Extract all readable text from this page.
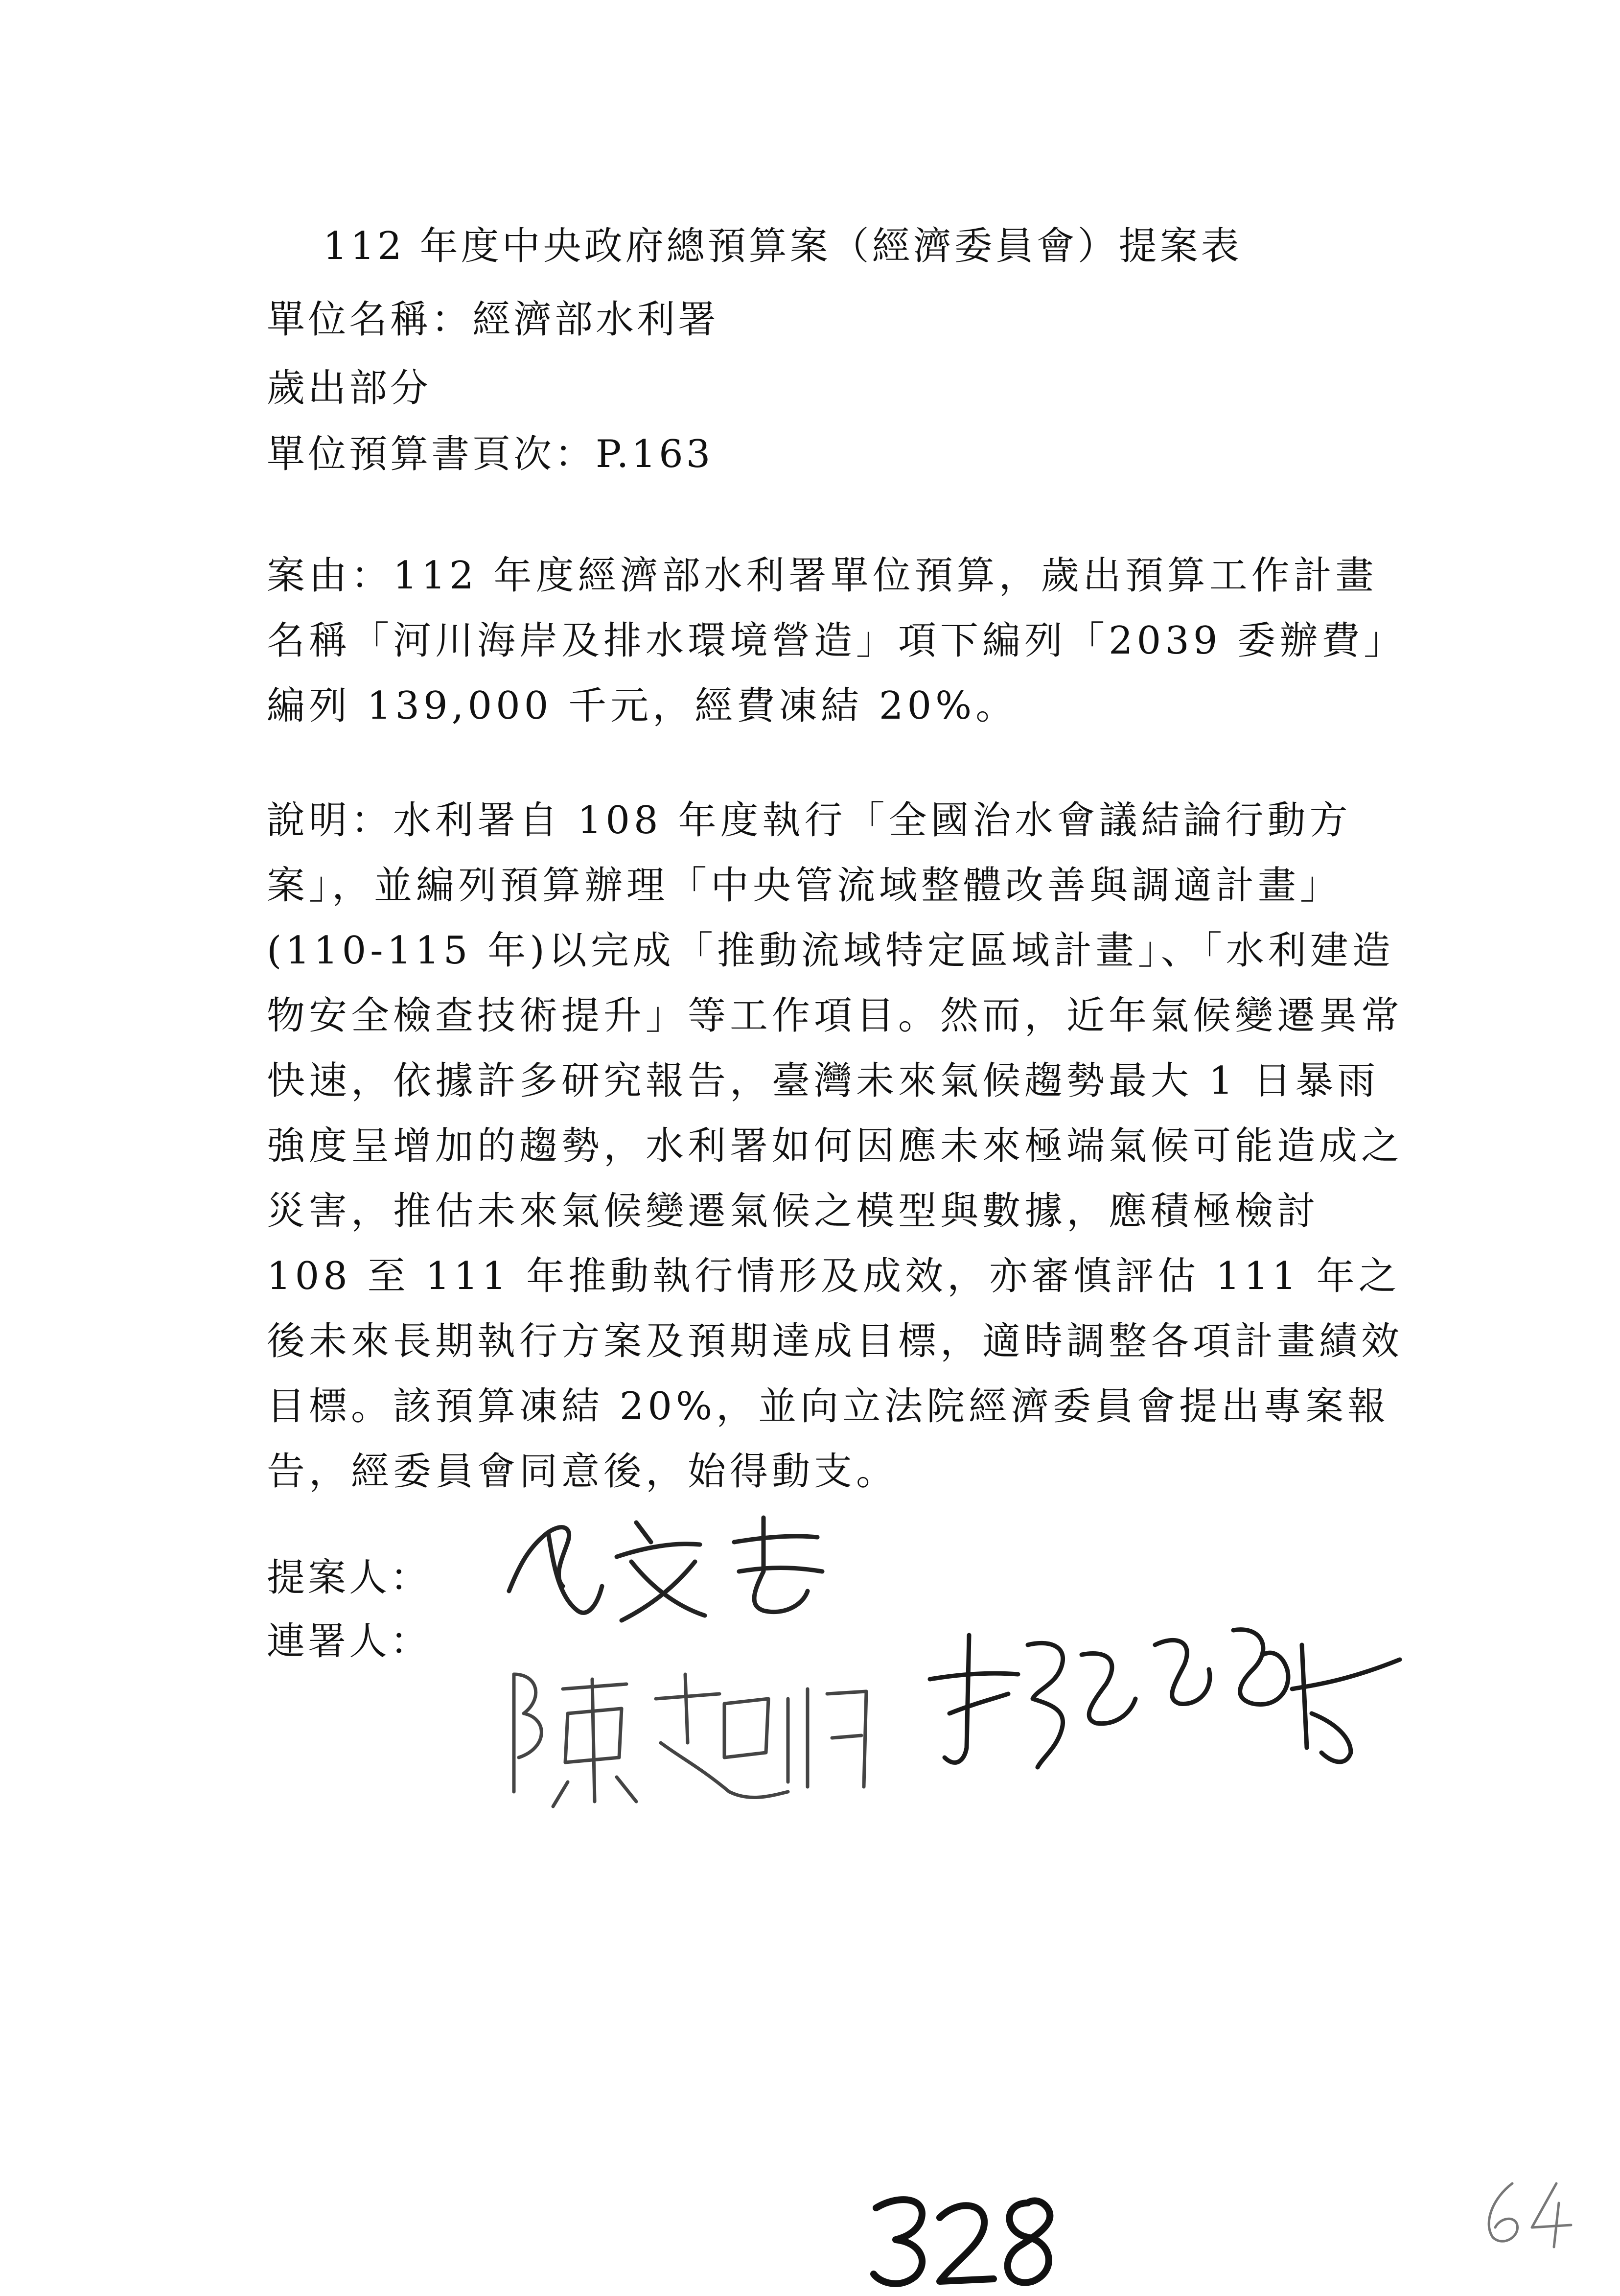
112 年度中央政府總預算案（經濟委員會）提案表
單位名稱：經濟部水利署
歲出部分
單位預算書頁次：P.163

案由：112 年度經濟部水利署單位預算，歲出預算工作計畫名稱「河川海岸及排水環境營造」項下編列「2039 委辦費」編列 139,000 千元，經費凍結 20%。

說明：水利署自 108 年度執行「全國治水會議結論行動方案」，並編列預算辦理「中央管流域整體改善與調適計畫」(110-115 年)以完成「推動流域特定區域計畫」、「水利建造物安全檢查技術提升」等工作項目。然而，近年氣候變遷異常快速，依據許多研究報告，臺灣未來氣候趨勢最大 1 日暴雨強度呈增加的趨勢，水利署如何因應未來極端氣候可能造成之災害，推估未來氣候變遷氣候之模型與數據，應積極檢討 108 至 111 年推動執行情形及成效，亦審慎評估 111 年之後未來長期執行方案及預期達成目標，適時調整各項計畫績效目標。該預算凍結 20%，並向立法院經濟委員會提出專案報告，經委員會同意後，始得動支。

提案人：
連署人：
